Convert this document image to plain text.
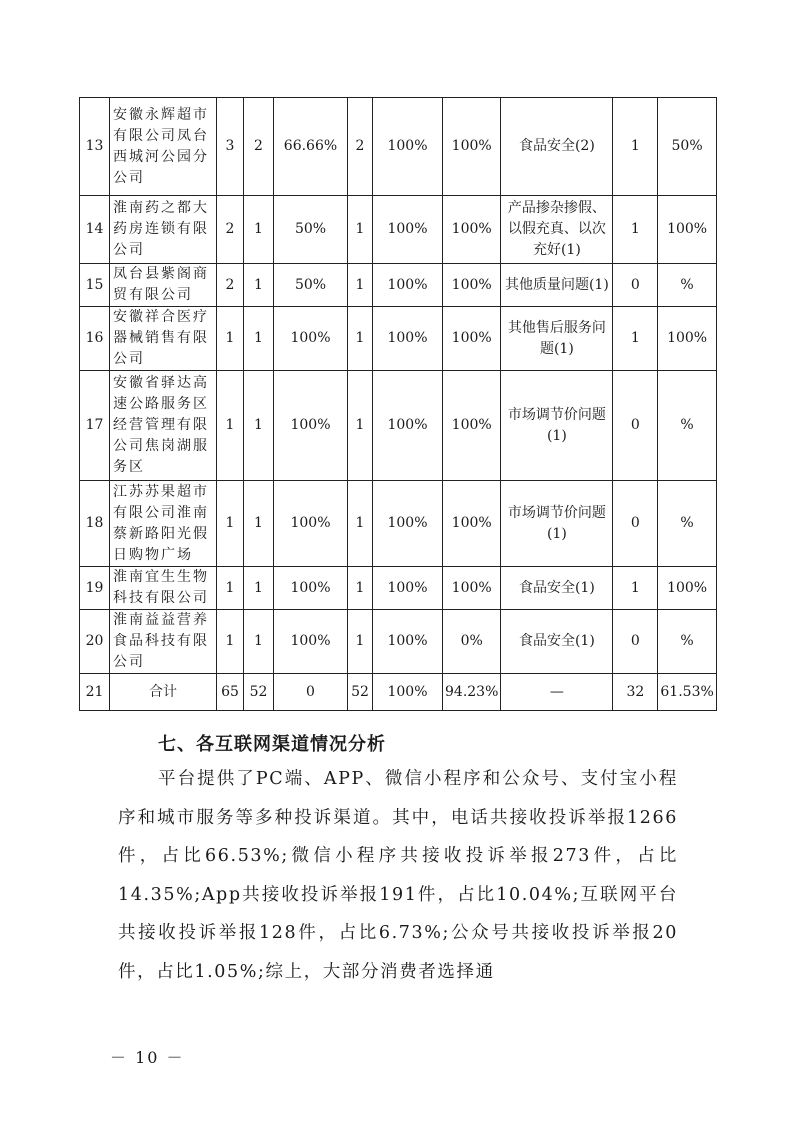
13	安徽永辉超市有限公司凤台西城河公园分公司	3	2	66.66%	2	100%	100%	食品安全(2)	1	50%
14	淮南药之都大药房连锁有限公司	2	1	50%	1	100%	100%	产品掺杂掺假、以假充真、以次充好(1)	1	100%
15	凤台县紫阁商贸有限公司	2	1	50%	1	100%	100%	其他质量问题(1)	0	%
16	安徽祥合医疗器械销售有限公司	1	1	100%	1	100%	100%	其他售后服务问题(1)	1	100%
17	安徽省驿达高速公路服务区经营管理有限公司焦岗湖服务区	1	1	100%	1	100%	100%	市场调节价问题(1)	0	%
18	江苏苏果超市有限公司淮南蔡新路阳光假日购物广场	1	1	100%	1	100%	100%	市场调节价问题(1)	0	%
19	淮南宜生生物科技有限公司	1	1	100%	1	100%	100%	食品安全(1)	1	100%
20	淮南益益营养食品科技有限公司	1	1	100%	1	100%	0%	食品安全(1)	0	%
21	合计	65	52	0	52	100%	94.23%	—	32	61.53%
七、各互联网渠道情况分析
平台提供了PC端、APP、微信小程序和公众号、支付宝小程序和城市服务等多种投诉渠道。其中，电话共接收投诉举报1266件，占比66.53%;微信小程序共接收投诉举报273件，占比14.35%;App共接收投诉举报191件，占比10.04%;互联网平台共接收投诉举报128件，占比6.73%;公众号共接收投诉举报20件，占比1.05%;综上，大部分消费者选择通
－ 10 －
